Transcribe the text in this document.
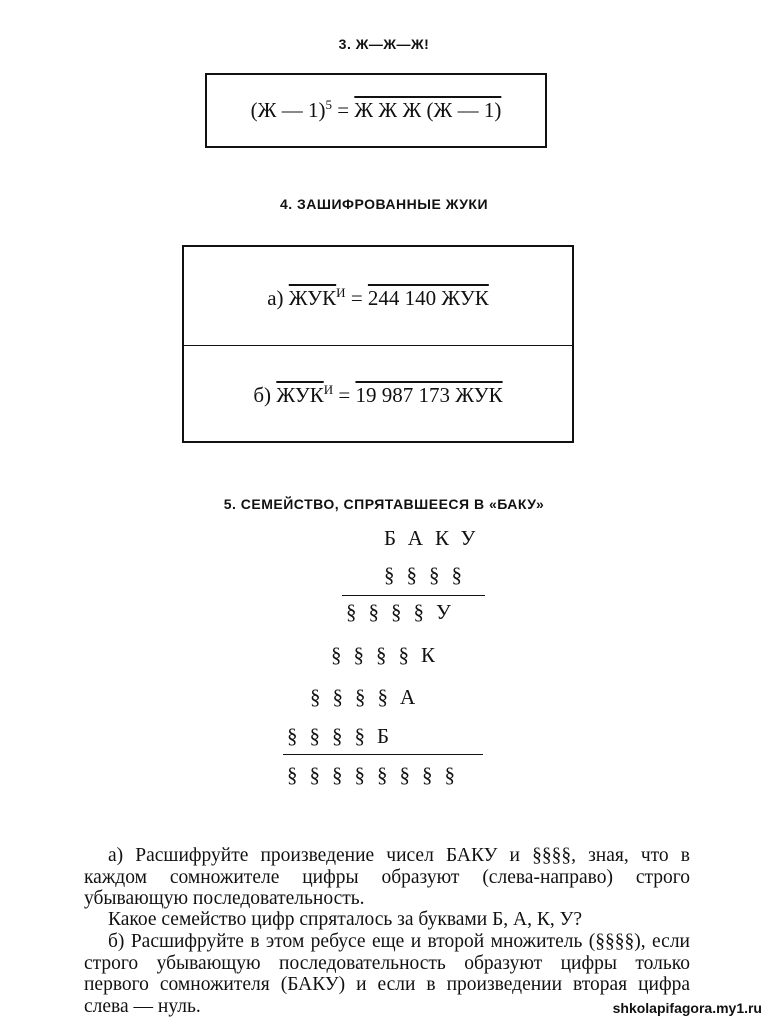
3. Ж—Ж—Ж!
(Ж — 1)$^5$ = Ж Ж Ж (Ж — 1)
4. ЗАШИФРОВАННЫЕ ЖУКИ
а) $ЖУК^И = 244$ 140 ЖУК
б) $ЖУК^И = 19$ 987 173 ЖУК
5. СЕМЕЙСТВО, СПРЯТАВШЕЕСЯ В «БАКУ»
БАКУ
§§§§
§§§§У
§§§§К
§§§§А
§§§§Б
§§§§§§§§
а) Расшифруйте произведение чисел БАКУ и §§§§, зная, что в каждом сомножителе цифры образуют (слева-направо) строго убывающую последовательность.
Какое семейство цифр спряталось за буквами Б, А, К, У?
б) Расшифруйте в этом ребусе еще и второй множитель (§§§§), если строго убывающую последовательность образуют цифры только первого сомножителя (БАКУ) и если в произведении вторая цифра слева — нуль.	shkolapifagora.my1.ru
